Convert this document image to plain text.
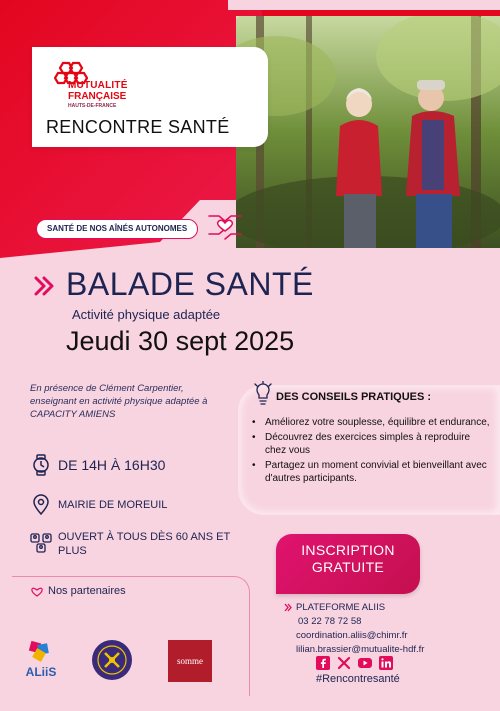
MUTUALITÉ
FRANÇAISE
HAUTS-DE-FRANCE
RENCONTRE SANTÉ
SANTÉ DE NOS AÎNÉS AUTONOMES
BALADE SANTÉ
Activité physique adaptée
Jeudi 30 sept 2025
En présence de Clément Carpentier, enseignant en activité physique adaptée à CAPACITY AMIENS
DE 14H À 16H30
MAIRIE DE MOREUIL
OUVERT À TOUS DÈS 60 ANS ET PLUS
Nos partenaires
ALiiS
somme
DES CONSEILS PRATIQUES :
• Améliorez votre souplesse, équilibre et endurance,
• Découvrez des exercices simples à reproduire chez vous
• Partagez un moment convivial et bienveillant avec d'autres participants.
INSCRIPTION
GRATUITE
PLATEFORME ALIIS
03 22 78 72 58
coordination.aliis@chimr.fr
lilian.brassier@mutualite-hdf.fr
#Rencontresanté
